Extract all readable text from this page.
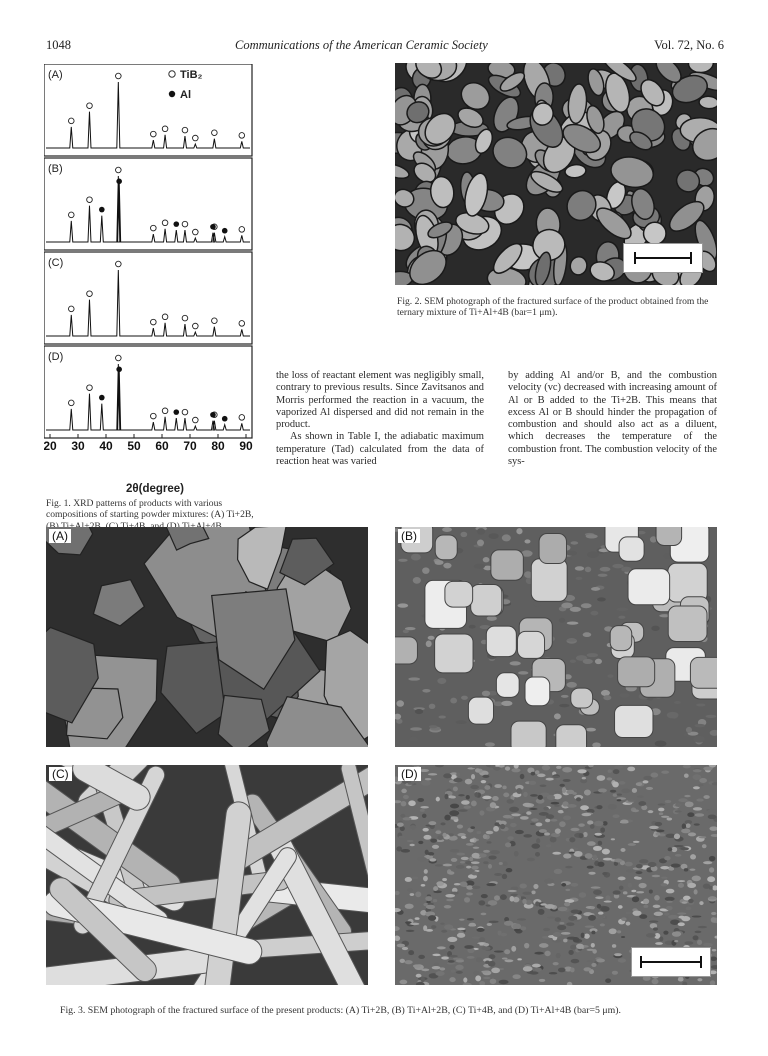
1048	Communications of the American Ceramic Society	Vol. 72, No. 6
(A)
(B)
(C)
(D)
20 30 40 50 60 70 80 90
TiB₂
Al
2θ(degree)
Fig. 1. XRD patterns of products with various compositions of starting powder mixtures: (A) Ti+2B,
Fig. 2. SEM photograph of the fractured surface of the product obtained from the ternary mixture of Ti+Al+4B (bar=1 μm).

the loss of reactant element was negligibly small, contrary to previous results. Since Zavitsanos and Morris performed the reaction in a vacuum, the vaporized Al dispersed and did not remain in the product.

As shown in Table I, the adiabatic maximum temperature (Tad) calculated from the data of reaction heat was varied

by adding Al and/or B, and the combustion velocity (vc) decreased with increasing amount of Al or B added to the Ti+2B. This means that excess Al or B should hinder the propagation of combustion and should also act as a diluent, which decreases the temperature of the combustion front. The combustion velocity of the sys-

(A)	(B)
(C)	(D)
Fig. 3. SEM photograph of the fractured surface of the present products: (A) Ti+2B, (B) Ti+Al+2B, (C) Ti+4B, and (D) Ti+Al+4B (bar=5 μm).
